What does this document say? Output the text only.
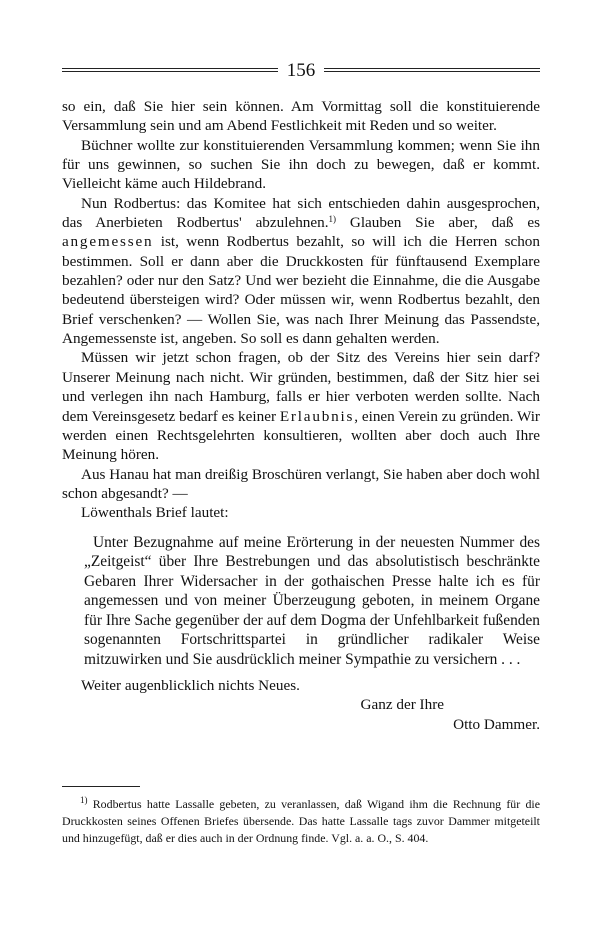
156

so ein, daß Sie hier sein können. Am Vormittag soll die konstituierende Versammlung sein und am Abend Festlichkeit mit Reden und so weiter.

Büchner wollte zur konstituierenden Versammlung kommen; wenn Sie ihn für uns gewinnen, so suchen Sie ihn doch zu bewegen, daß er kommt. Vielleicht käme auch Hildebrand.

Nun Rodbertus: das Komitee hat sich entschieden dahin ausgesprochen, das Anerbieten Rodbertus' abzulehnen.$^{1)}$ Glauben Sie aber, daß es angemessen ist, wenn Rodbertus bezahlt, so will ich die Herren schon bestimmen. Soll er dann aber die Druckkosten für fünftausend Exemplare bezahlen? oder nur den Satz? Und wer bezieht die Einnahme, die die Ausgabe bedeutend übersteigen wird? Oder müssen wir, wenn Rodbertus bezahlt, den Brief verschenken? — Wollen Sie, was nach Ihrer Meinung das Passendste, Angemessenste ist, angeben. So soll es dann gehalten werden.

Müssen wir jetzt schon fragen, ob der Sitz des Vereins hier sein darf? Unserer Meinung nach nicht. Wir gründen, bestimmen, daß der Sitz hier sei und verlegen ihn nach Hamburg, falls er hier verboten werden sollte. Nach dem Vereinsgesetz bedarf es keiner Erlaubnis, einen Verein zu gründen. Wir werden einen Rechtsgelehrten konsultieren, wollten aber doch auch Ihre Meinung hören.

Aus Hanau hat man dreißig Broschüren verlangt, Sie haben aber doch wohl schon abgesandt? —

Löwenthals Brief lautet:

Unter Bezugnahme auf meine Erörterung in der neuesten Nummer des „Zeitgeist“ über Ihre Bestrebungen und das absolutistisch beschränkte Gebaren Ihrer Widersacher in der gothaischen Presse halte ich es für angemessen und von meiner Überzeugung geboten, in meinem Organe für Ihre Sache gegenüber der auf dem Dogma der Unfehlbarkeit fußenden sogenannten Fortschrittspartei in gründlicher radikaler Weise mitzuwirken und Sie ausdrücklich meiner Sympathie zu versichern . . .

Weiter augenblicklich nichts Neues.

Ganz der Ihre

Otto Dammer.

$^{1)}$ Rodbertus hatte Lassalle gebeten, zu veranlassen, daß Wigand ihm die Rechnung für die Druckkosten seines Offenen Briefes übersende. Das hatte Lassalle tags zuvor Dammer mitgeteilt und hinzugefügt, daß er dies auch in der Ordnung finde. Vgl. a. a. O., S. 404.
